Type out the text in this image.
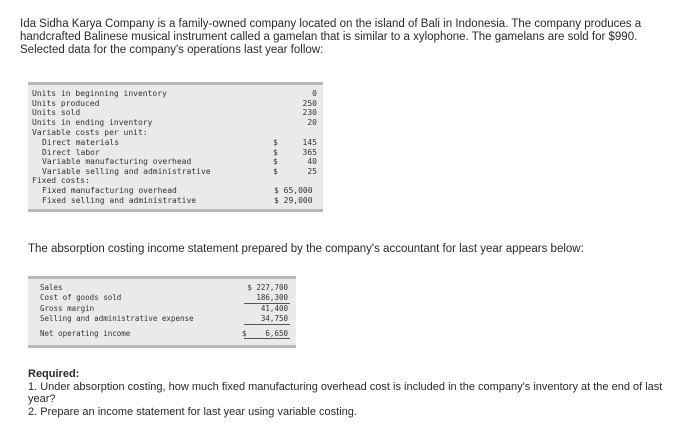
Ida Sidha Karya Company is a family-owned company located on the island of Bali in Indonesia. The company produces a handcrafted Balinese musical instrument called a gamelan that is similar to a xylophone. The gamelans are sold for $990. Selected data for the company's operations last year follow:
Units in beginning inventory	0
Units produced	250
Units sold	230
Units in ending inventory	20
Variable costs per unit:
Direct materials	$	145
Direct labor	$	365
Variable manufacturing overhead	$	40
Variable selling and administrative	$	25
Fixed costs:
Fixed manufacturing overhead	$ 65,000
Fixed selling and administrative	$ 29,000
The absorption costing income statement prepared by the company's accountant for last year appears below:
Sales	$ 227,700
Cost of goods sold	186,300
Gross margin	41,400
Selling and administrative expense	34,750
Net operating income	$	6,650
Required:
1. Under absorption costing, how much fixed manufacturing overhead cost is included in the company's inventory at the end of last year?
2. Prepare an income statement for last year using variable costing.
